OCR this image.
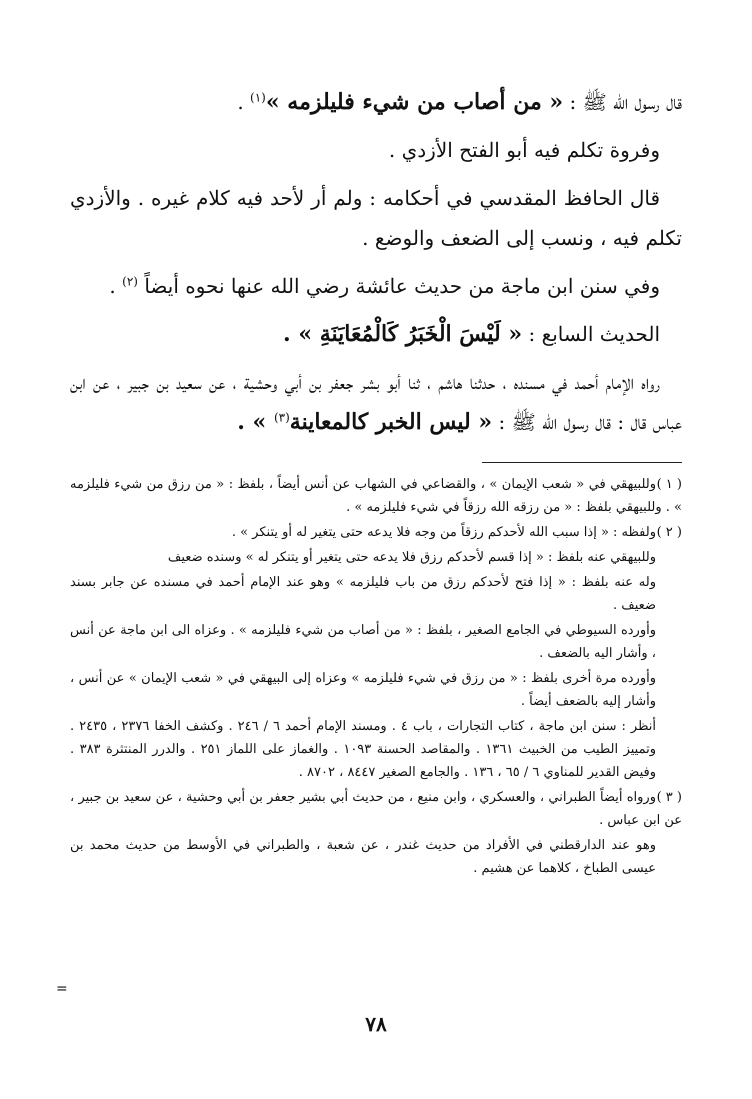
قال رسول الله ﷺ : « من أصاب من شيء فليلزمه »$^{(١)}$ .

وفروة تكلم فيه أبو الفتح الأزدي .

قال الحافظ المقدسي في أحكامه : ولم أر لأحد فيه كلام غيره . والأزدي تكلم فيه ، ونسب إلى الضعف والوضع .

وفي سنن ابن ماجة من حديث عائشة رضي الله عنها نحوه أيضاً $^{(٢)}$ .

الحديث السابع : « لَيْسَ الْخَبَرُ كَالْمُعَايَنَةِ » .

رواه الإمام أحمد في مسنده ، حدثنا هاشم ، ثنا أبو بشر جعفر بن أبي وحشية ، عن سعيد بن جبير ، عن ابن عباس قال : قال رسول الله ﷺ : « ليس الخبر كالمعاينة$^{(٣)}$ » .

( ١ )وللبيهقي في « شعب الإيمان » ، والقضاعي في الشهاب عن أنس أيضاً ، بلفظ : « من رزق من شيء فليلزمه » . وللبيهقي بلفظ : « من رزقه الله رزقاً في شيء فليلزمه » .

( ٢ )ولفظه : « إذا سبب الله لأحدكم رزقاً من وجه فلا يدعه حتى يتغير له أو يتنكر » .

وللبيهقي عنه بلفظ : « إذا قسم لأحدكم رزق فلا يدعه حتى يتغير أو يتنكر له » وسنده ضعيف

وله عنه بلفظ : « إذا فتح لأحدكم رزق من باب فليلزمه » وهو عند الإمام أحمد في مسنده عن جابر بسند ضعيف .

وأورده السيوطي في الجامع الصغير ، بلفظ : « من أصاب من شيء فليلزمه » . وعزاه الى ابن ماجة عن أنس ، وأشار اليه بالضعف .

وأورده مرة أخرى بلفظ : « من رزق في شيء فليلزمه » وعزاه إلى البيهقي في « شعب الإيمان » عن أنس ، وأشار إليه بالضعف أيضاً .

أنظر : سنن ابن ماجة ، كتاب التجارات ، باب ٤ . ومسند الإمام أحمد ٦ / ٢٤٦ . وكشف الخفا ٢٣٧٦ ، ٢٤٣٥ . وتمييز الطيب من الخبيث ١٣٦١ . والمقاصد الحسنة ١٠٩٣ . والغماز على اللماز ٢٥١ . والدرر المنتثرة ٣٨٣ . وفيض القدير للمناوي ٦ / ٦٥ ، ١٣٦ . والجامع الصغير ٨٤٤٧ ، ٨٧٠٢ .

( ٣ )ورواه أيضاً الطبراني ، والعسكري ، وابن منيع ، من حديث أبي بشير جعفر بن أبي وحشية ، عن سعيد بن جبير ، عن ابن عباس .

وهو عند الدارقطني في الأفراد من حديث غندر ، عن شعبة ، والطبراني في الأوسط من حديث محمد بن عيسى الطباخ ، كلاهما عن هشيم .

٧٨
=
